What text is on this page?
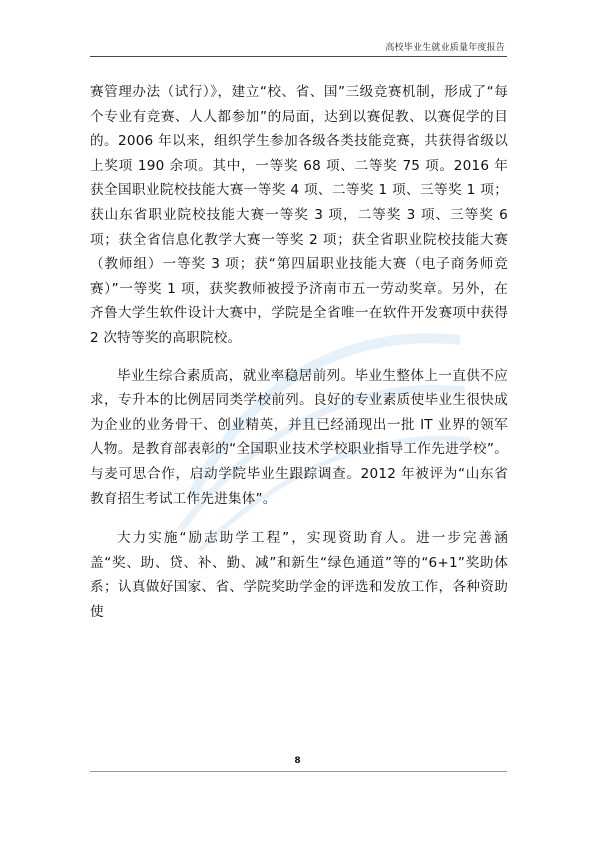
高校毕业生就业质量年度报告

赛管理办法（试行）》，建立“校、省、国”三级竞赛机制，形成了“每个专业有竞赛、人人都参加”的局面，达到以赛促教、以赛促学的目的。2006 年以来，组织学生参加各级各类技能竞赛，共获得省级以上奖项 190 余项。其中，一等奖 68 项、二等奖 75 项。2016 年获全国职业院校技能大赛一等奖 4 项、二等奖 1 项、三等奖 1 项；获山东省职业院校技能大赛一等奖 3 项，二等奖 3 项、三等奖 6 项；获全省信息化教学大赛一等奖 2 项；获全省职业院校技能大赛（教师组）一等奖 3 项；获“第四届职业技能大赛（电子商务师竞赛）”一等奖 1 项，获奖教师被授予济南市五一劳动奖章。另外，在齐鲁大学生软件设计大赛中，学院是全省唯一在软件开发赛项中获得 2 次特等奖的高职院校。

毕业生综合素质高，就业率稳居前列。毕业生整体上一直供不应求，专升本的比例居同类学校前列。良好的专业素质使毕业生很快成为企业的业务骨干、创业精英，并且已经涌现出一批 IT 业界的领军人物。是教育部表彰的“全国职业技术学校职业指导工作先进学校”。与麦可思合作，启动学院毕业生跟踪调查。2012 年被评为“山东省教育招生考试工作先进集体”。

大力实施“励志助学工程”，实现资助育人。进一步完善涵盖“奖、助、贷、补、勤、减”和新生“绿色通道”等的“6+1”奖助体系；认真做好国家、省、学院奖助学金的评选和发放工作，各种资助使

8
